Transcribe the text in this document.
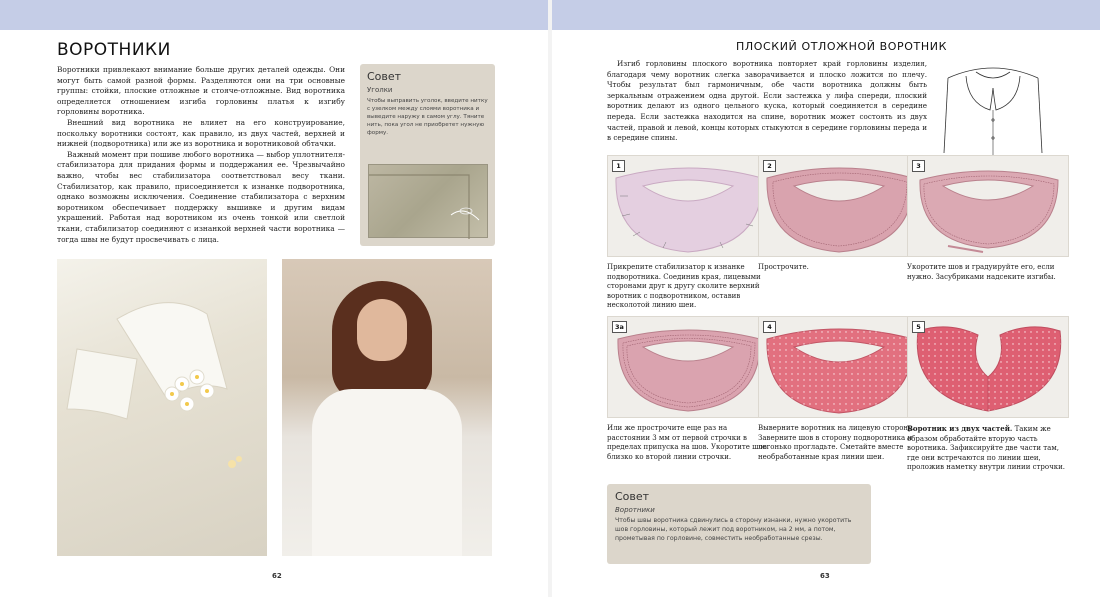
ВОРОТНИКИ

Воротники привлекают внимание больше других деталей одежды. Они могут быть самой разной формы. Разделяются они на три основные группы: стойки, плоские отложные и стояче-отложные. Вид воротника определяется отношением изгиба горловины платья к изгибу горловины воротника.

Внешний вид воротника не влияет на его конструирование, поскольку воротники состоят, как правило, из двух частей, верхней и нижней (подворотника) или же из воротника и воротниковой обтачки.

Важный момент при пошиве любого воротника — выбор уплотнителя-стабилизатора для придания формы и поддержания ее. Чрезвычайно важно, чтобы вес стабилизатора соответствовал весу ткани. Стабилизатор, как правило, присоединяется к изнанке подворотника, однако возможны исключения. Соединение стабилизатора с верхним воротником обеспечивает поддержку вышивке и другим видам украшений. Работая над воротником из очень тонкой или светлой ткани, стабилизатор соединяют с изнанкой верхней части воротника — тогда швы не будут просвечивать с лица.

Совет
Уголки
Чтобы выправить уголок, введите нитку с узелком между слоями воротника и выведите наружу в самом углу. Тяните нить, пока угол не приобретет нужную форму.
62
ПЛОСКИЙ ОТЛОЖНОЙ ВОРОТНИК

Изгиб горловины плоского воротника повторяет край горловины изделия, благодаря чему воротник слегка заворачивается и плоско ложится по плечу. Чтобы результат был гармоничным, обе части воротника должны быть зеркальным отражением одна другой. Если застежка у лифа спереди, плоский воротник делают из одного цельного куска, который соединяется в середине переда. Если застежка находится на спине, воротник может состоять из двух частей, правой и левой, концы которых стыкуются в середине горловины переда и в середине спины.

1
Прикрепите стабилизатор к изнанке подворотника. Соединив края, лицевыми сторонами друг к другу сколите верхний воротник с подворотником, оставив несколотой линию шеи.
2
Прострочите.
3
Укоротите шов и градуируйте его, если нужно. Засубриками надсеките изгибы.
3а
Или же прострочите еще раз на расстоянии 3 мм от первой строчки в пределах припуска на шов. Укоротите шов близко ко второй линии строчки.
4
Выверните воротник на лицевую сторону. Заверните шов в сторону подворотника и легонько прогладьте. Сметайте вместе необработанные края линии шеи.
5
Воротник из двух частей. Таким же образом обработайте вторую часть воротника. Зафиксируйте две части там, где они встречаются по линии шеи, проложив наметку внутри линии строчки.
Совет
Воротники
Чтобы швы воротника сдвинулись в сторону изнанки, нужно укоротить шов горловины, который лежит под воротником, на 2 мм, а потом, прометывая по горловине, совместить необработанные срезы.
63
